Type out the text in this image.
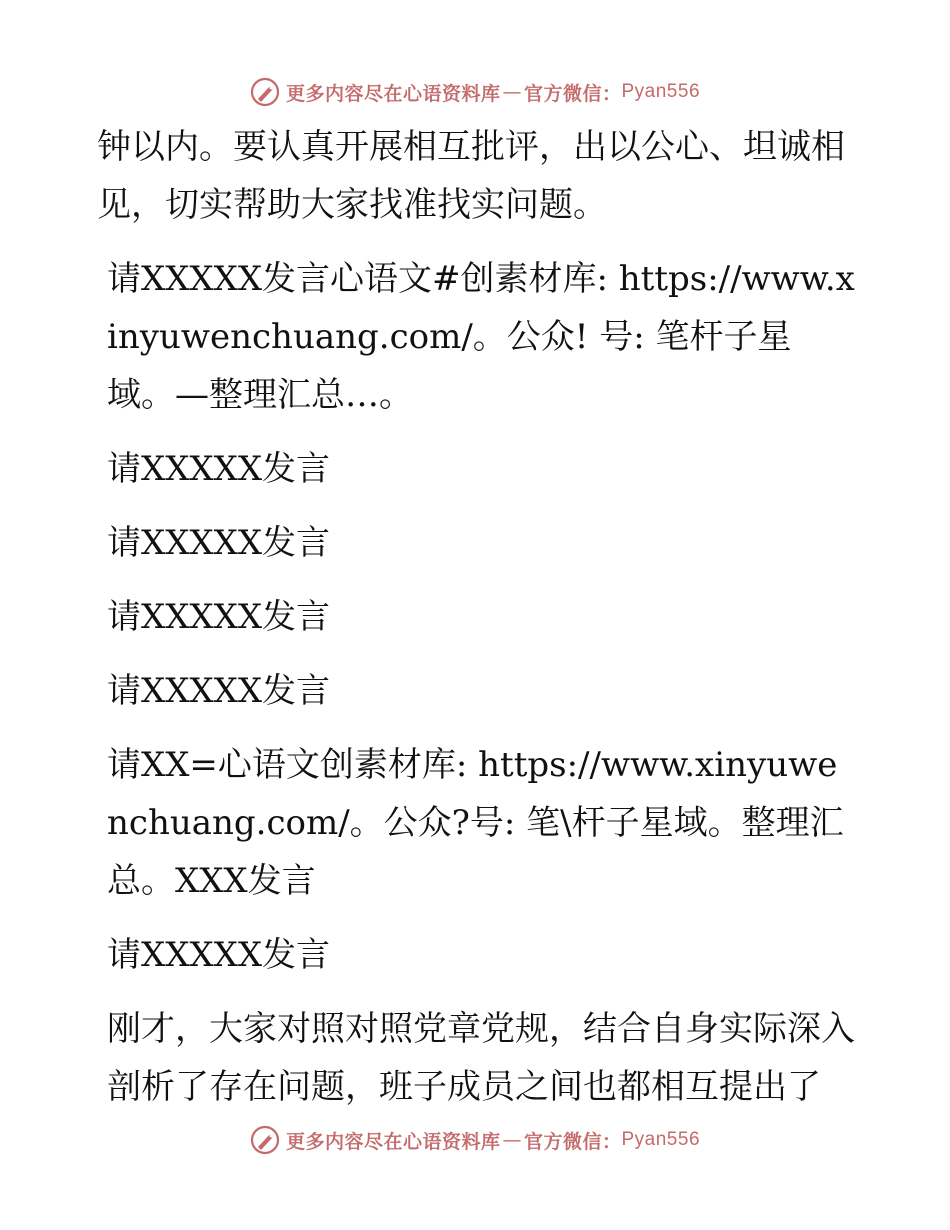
更多内容尽在心语资料库 — 官方微信： Pyan556

钟以内。要认真开展相互批评，出以公心、坦诚相见，切实帮助大家找准找实问题。

请XXXXX发言心语文#创素材库: https://www.xinyuwenchuang.com/。公众! 号: 笔杆子星域。—整理汇总…。

请XXXXX发言

请XXXXX发言

请XXXXX发言

请XXXXX发言

请XX=心语文创素材库: https://www.xinyuwenchuang.com/。公众?号: 笔\杆子星域。整理汇总。XXX发言

请XXXXX发言

刚才，大家对照对照党章党规，结合自身实际深入剖析了存在问题，班子成员之间也都相互提出了

更多内容尽在心语资料库 — 官方微信： Pyan556
